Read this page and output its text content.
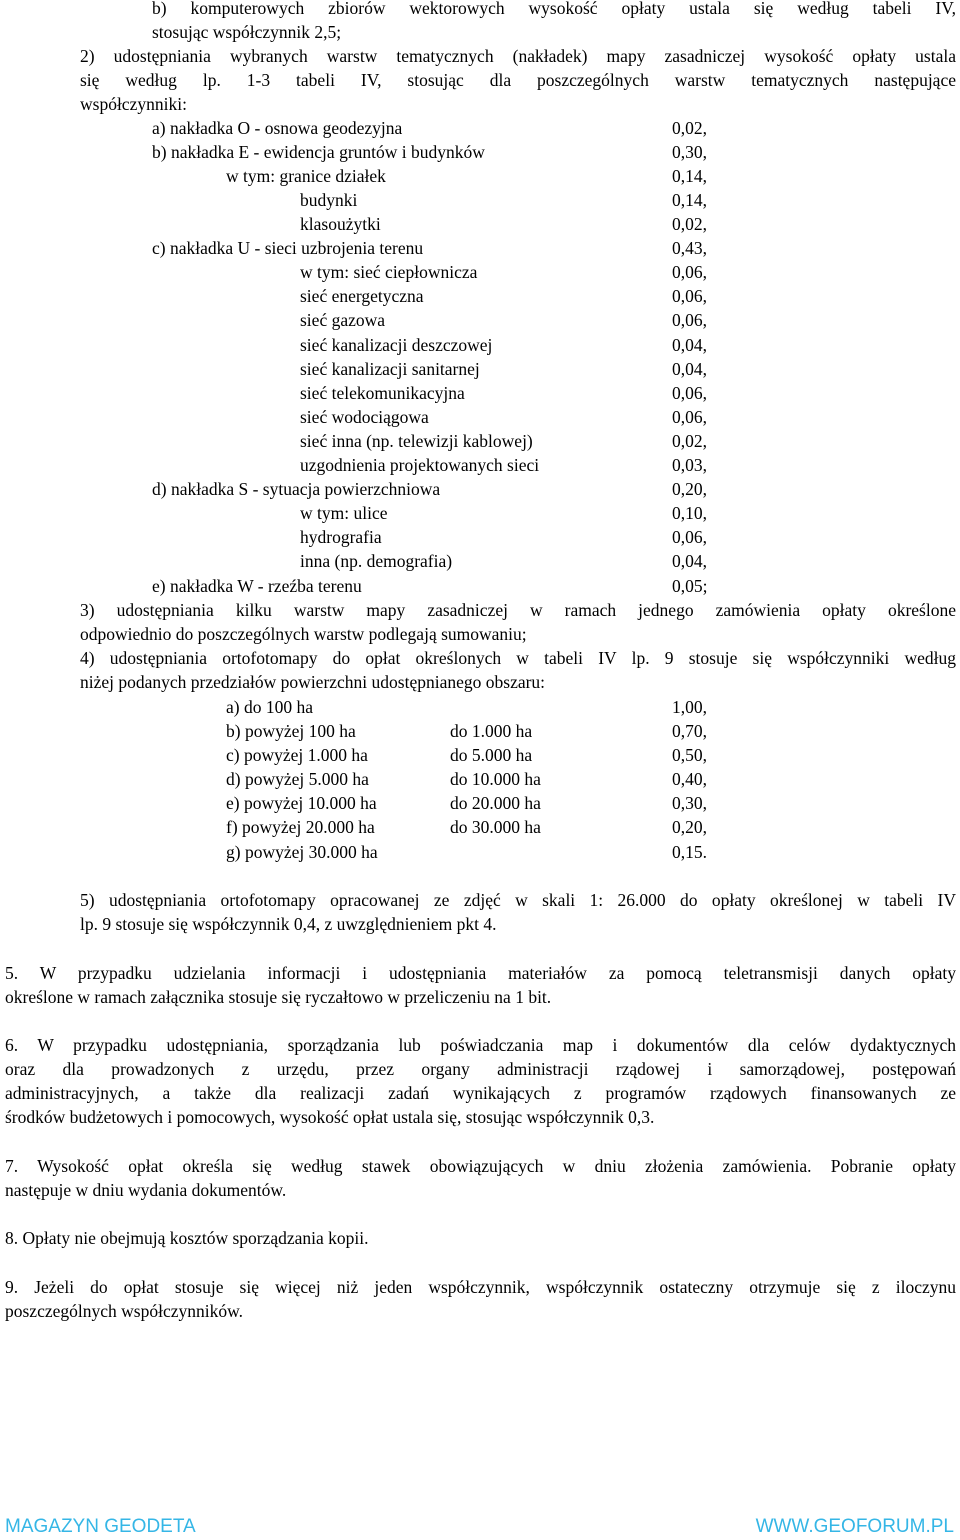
b) komputerowych zbiorów wektorowych wysokość opłaty ustala się według tabeli IV,
stosując współczynnik 2,5;
2) udostępniania wybranych warstw tematycznych (nakładek) mapy zasadniczej wysokość opłaty ustala
się według lp. 1-3 tabeli IV, stosując dla poszczególnych warstw tematycznych następujące
współczynniki:
a) nakładka O - osnowa geodezyjna	0,02,
b) nakładka E - ewidencja gruntów i budynków	0,30,
w tym: granice działek	0,14,
budynki	0,14,
klasoużytki	0,02,
c) nakładka U - sieci uzbrojenia terenu	0,43,
w tym: sieć ciepłownicza	0,06,
sieć energetyczna	0,06,
sieć gazowa	0,06,
sieć kanalizacji deszczowej	0,04,
sieć kanalizacji sanitarnej	0,04,
sieć telekomunikacyjna	0,06,
sieć wodociągowa	0,06,
sieć inna (np. telewizji kablowej)	0,02,
uzgodnienia projektowanych sieci	0,03,
d) nakładka S - sytuacja powierzchniowa	0,20,
w tym: ulice	0,10,
hydrografia	0,06,
inna (np. demografia)	0,04,
e) nakładka W - rzeźba terenu	0,05;
3) udostępniania kilku warstw mapy zasadniczej w ramach jednego zamówienia opłaty określone
odpowiednio do poszczególnych warstw podlegają sumowaniu;
4) udostępniania ortofotomapy do opłat określonych w tabeli IV lp. 9 stosuje się współczynniki według
niżej podanych przedziałów powierzchni udostępnianego obszaru:
a) do 100 ha	1,00,
b) powyżej 100 ha	do 1.000 ha	0,70,
c) powyżej 1.000 ha	do 5.000 ha	0,50,
d) powyżej 5.000 ha	do 10.000 ha	0,40,
e) powyżej 10.000 ha	do 20.000 ha	0,30,
f) powyżej 20.000 ha	do 30.000 ha	0,20,
g) powyżej 30.000 ha	0,15.
5) udostępniania ortofotomapy opracowanej ze zdjęć w skali 1: 26.000 do opłaty określonej w tabeli IV
lp. 9 stosuje się współczynnik 0,4, z uwzględnieniem pkt 4.
5. W przypadku udzielania informacji i udostępniania materiałów za pomocą teletransmisji danych opłaty
określone w ramach załącznika stosuje się ryczałtowo w przeliczeniu na 1 bit.
6. W przypadku udostępniania, sporządzania lub poświadczania map i dokumentów dla celów dydaktycznych
oraz dla prowadzonych z urzędu, przez organy administracji rządowej i samorządowej, postępowań
administracyjnych, a także dla realizacji zadań wynikających z programów rządowych finansowanych ze
środków budżetowych i pomocowych, wysokość opłat ustala się, stosując współczynnik 0,3.
7. Wysokość opłat określa się według stawek obowiązujących w dniu złożenia zamówienia. Pobranie opłaty
następuje w dniu wydania dokumentów.
8. Opłaty nie obejmują kosztów sporządzania kopii.
9. Jeżeli do opłat stosuje się więcej niż jeden współczynnik, współczynnik ostateczny otrzymuje się z iloczynu
poszczególnych współczynników.
MAGAZYN GEODETA	WWW.GEOFORUM.PL
